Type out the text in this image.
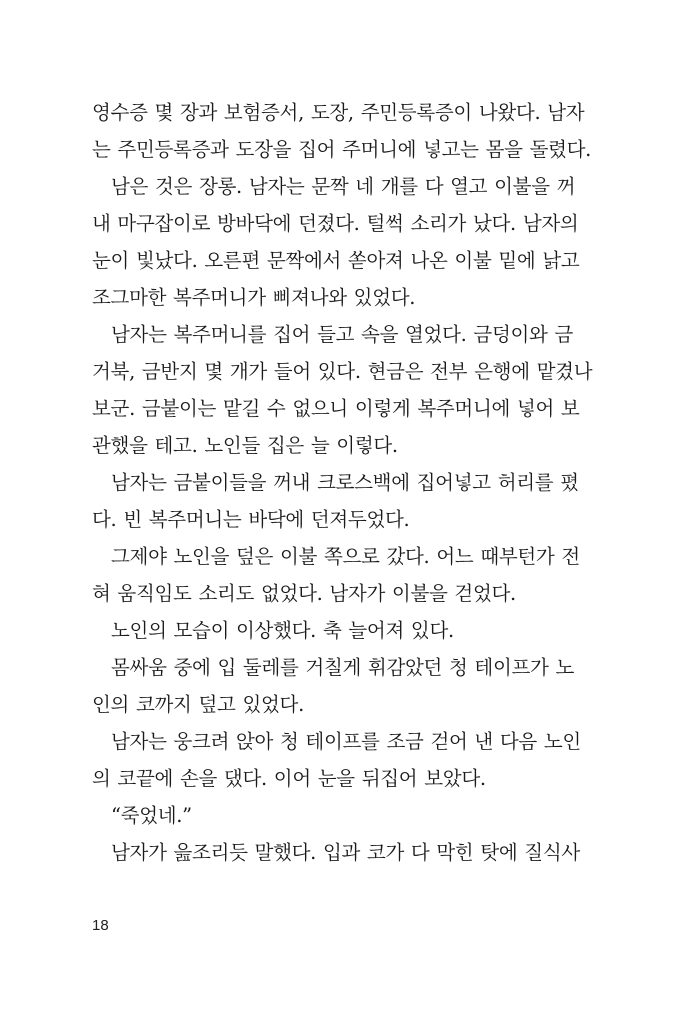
영수증 몇 장과 보험증서, 도장, 주민등록증이 나왔다. 남자
는 주민등록증과 도장을 집어 주머니에 넣고는 몸을 돌렸다.
남은 것은 장롱. 남자는 문짝 네 개를 다 열고 이불을 꺼
내 마구잡이로 방바닥에 던졌다. 털썩 소리가 났다. 남자의
눈이 빛났다. 오른편 문짝에서 쏟아져 나온 이불 밑에 낡고
조그마한 복주머니가 삐져나와 있었다.
남자는 복주머니를 집어 들고 속을 열었다. 금덩이와 금
거북, 금반지 몇 개가 들어 있다. 현금은 전부 은행에 맡겼나
보군. 금붙이는 맡길 수 없으니 이렇게 복주머니에 넣어 보
관했을 테고. 노인들 집은 늘 이렇다.
남자는 금붙이들을 꺼내 크로스백에 집어넣고 허리를 폈
다. 빈 복주머니는 바닥에 던져두었다.
그제야 노인을 덮은 이불 쪽으로 갔다. 어느 때부턴가 전
혀 움직임도 소리도 없었다. 남자가 이불을 걷었다.
노인의 모습이 이상했다. 축 늘어져 있다.
몸싸움 중에 입 둘레를 거칠게 휘감았던 청 테이프가 노
인의 코까지 덮고 있었다.
남자는 웅크려 앉아 청 테이프를 조금 걷어 낸 다음 노인
의 코끝에 손을 댔다. 이어 눈을 뒤집어 보았다.
“죽었네.”
남자가 읊조리듯 말했다. 입과 코가 다 막힌 탓에 질식사
18
